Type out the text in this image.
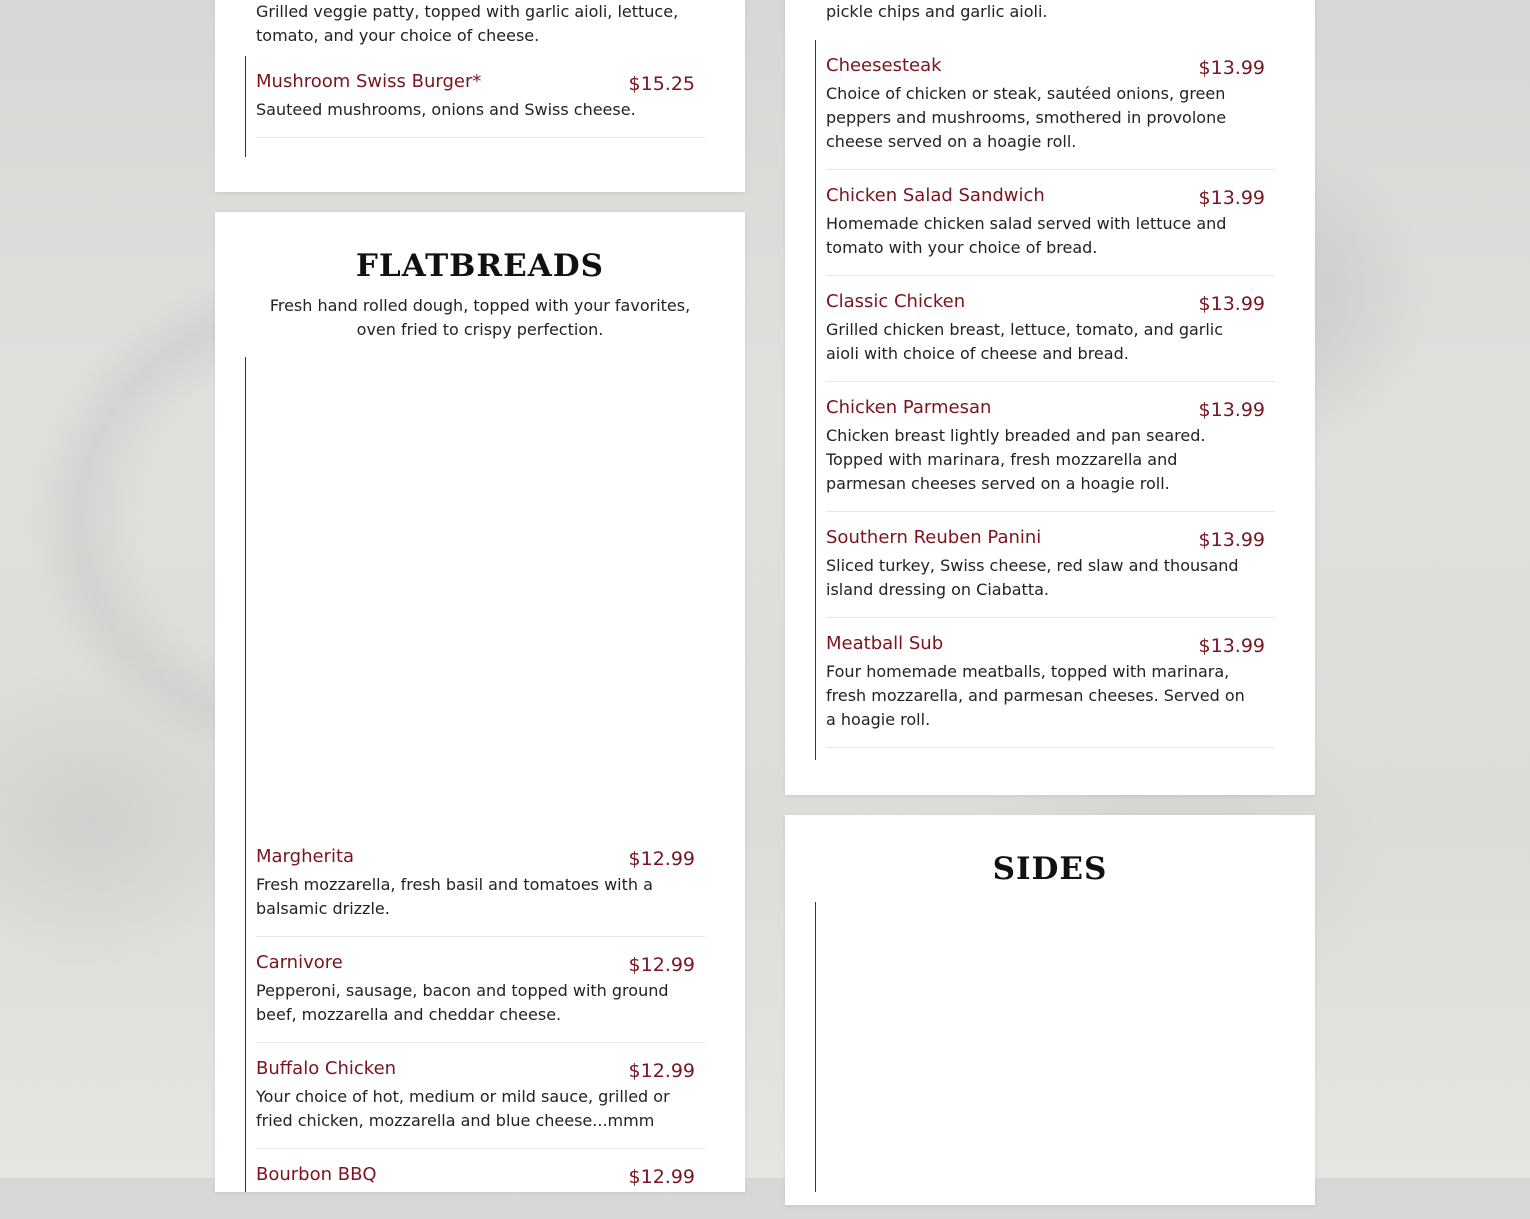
Grilled veggie patty, topped with garlic aioli, lettuce, tomato, and your choice of cheese.
Mushroom Swiss Burger*	$15.25
Sauteed mushrooms, onions and Swiss cheese.
FLATBREADS
Fresh hand rolled dough, topped with your favorites, oven fried to crispy perfection.
Margherita	$12.99
Fresh mozzarella, fresh basil and tomatoes with a balsamic drizzle.
Carnivore	$12.99
Pepperoni, sausage, bacon and topped with ground beef, mozzarella and cheddar cheese.
Buffalo Chicken	$12.99
Your choice of hot, medium or mild sauce, grilled or fried chicken, mozzarella and blue cheese...mmm
Bourbon BBQ	$12.99
pickle chips and garlic aioli.
Cheesesteak	$13.99
Choice of chicken or steak, sautéed onions, green peppers and mushrooms, smothered in provolone cheese served on a hoagie roll.
Chicken Salad Sandwich	$13.99
Homemade chicken salad served with lettuce and tomato with your choice of bread.
Classic Chicken	$13.99
Grilled chicken breast, lettuce, tomato, and garlic aioli with choice of cheese and bread.
Chicken Parmesan	$13.99
Chicken breast lightly breaded and pan seared. Topped with marinara, fresh mozzarella and parmesan cheeses served on a hoagie roll.
Southern Reuben Panini	$13.99
Sliced turkey, Swiss cheese, red slaw and thousand island dressing on Ciabatta.
Meatball Sub	$13.99
Four homemade meatballs, topped with marinara, fresh mozzarella, and parmesan cheeses. Served on a hoagie roll.
SIDES
